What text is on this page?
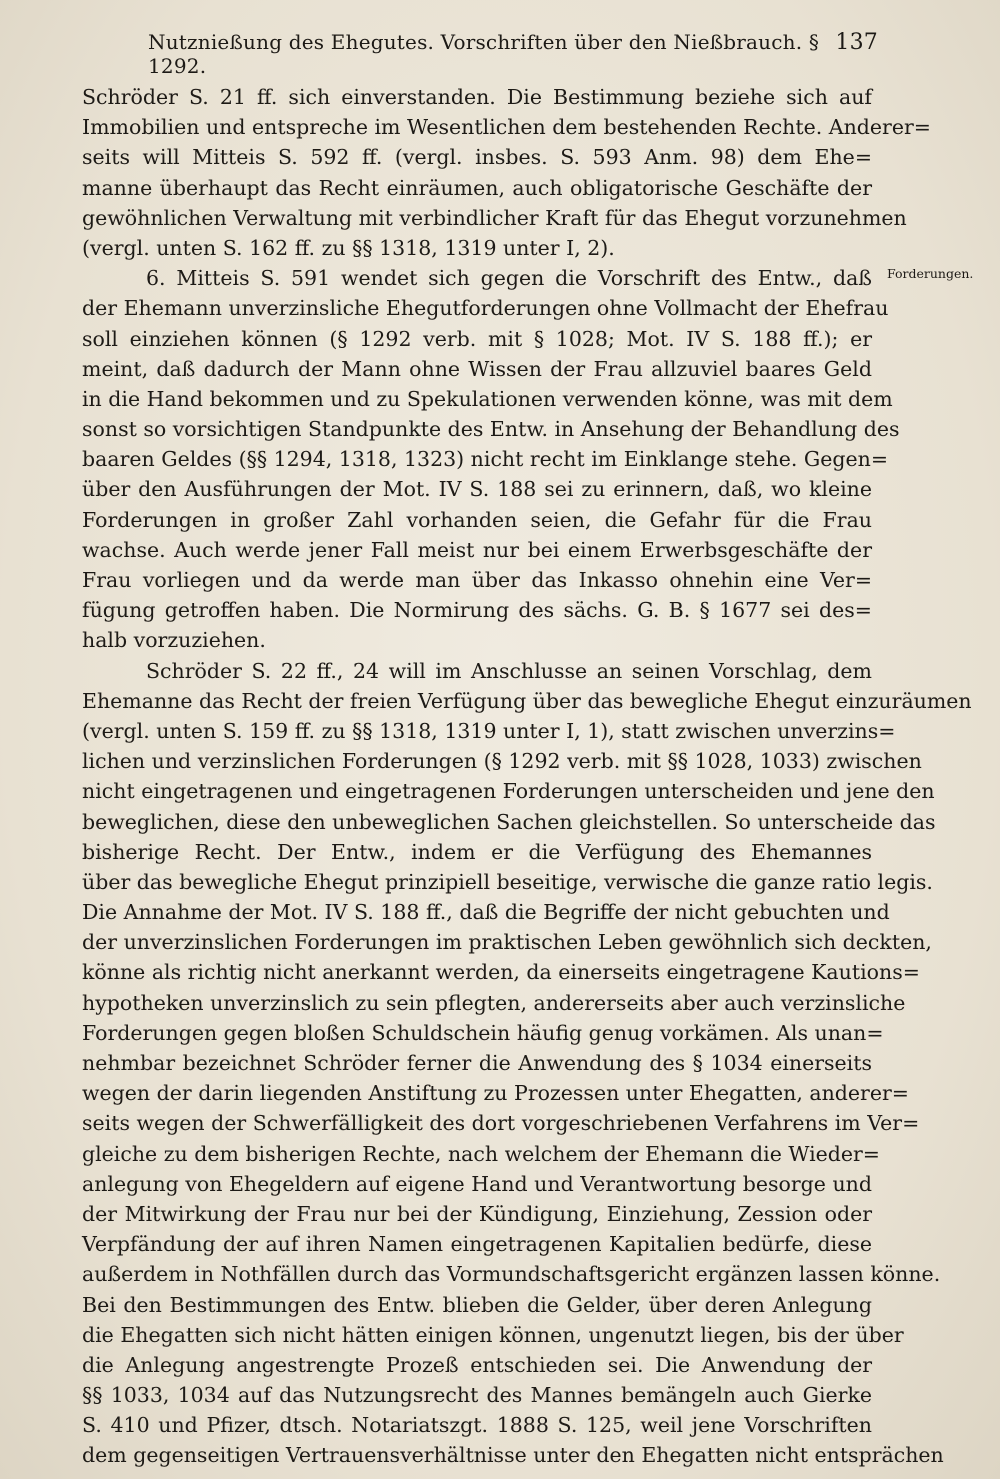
Nutznießung des Ehegutes. Vorschriften über den Nießbrauch. § 1292.
137
Forderungen.
Schröder S. 21 ff. sich einverstanden. Die Bestimmung beziehe sich auf
Immobilien und entspreche im Wesentlichen dem bestehenden Rechte. Anderer=
seits will Mitteis S. 592 ff. (vergl. insbes. S. 593 Anm. 98) dem Ehe=
manne überhaupt das Recht einräumen, auch obligatorische Geschäfte der
gewöhnlichen Verwaltung mit verbindlicher Kraft für das Ehegut vorzunehmen
(vergl. unten S. 162 ff. zu §§ 1318, 1319 unter I, 2).
6. Mitteis S. 591 wendet sich gegen die Vorschrift des Entw., daß
der Ehemann unverzinsliche Ehegutforderungen ohne Vollmacht der Ehefrau
soll einziehen können (§ 1292 verb. mit § 1028; Mot. IV S. 188 ff.); er
meint, daß dadurch der Mann ohne Wissen der Frau allzuviel baares Geld
in die Hand bekommen und zu Spekulationen verwenden könne, was mit dem
sonst so vorsichtigen Standpunkte des Entw. in Ansehung der Behandlung des
baaren Geldes (§§ 1294, 1318, 1323) nicht recht im Einklange stehe. Gegen=
über den Ausführungen der Mot. IV S. 188 sei zu erinnern, daß, wo kleine
Forderungen in großer Zahl vorhanden seien, die Gefahr für die Frau
wachse. Auch werde jener Fall meist nur bei einem Erwerbsgeschäfte der
Frau vorliegen und da werde man über das Inkasso ohnehin eine Ver=
fügung getroffen haben. Die Normirung des sächs. G. B. § 1677 sei des=
halb vorzuziehen.
Schröder S. 22 ff., 24 will im Anschlusse an seinen Vorschlag, dem
Ehemanne das Recht der freien Verfügung über das bewegliche Ehegut einzuräumen
(vergl. unten S. 159 ff. zu §§ 1318, 1319 unter I, 1), statt zwischen unverzins=
lichen und verzinslichen Forderungen (§ 1292 verb. mit §§ 1028, 1033) zwischen
nicht eingetragenen und eingetragenen Forderungen unterscheiden und jene den
beweglichen, diese den unbeweglichen Sachen gleichstellen. So unterscheide das
bisherige Recht. Der Entw., indem er die Verfügung des Ehemannes
über das bewegliche Ehegut prinzipiell beseitige, verwische die ganze ratio legis.
Die Annahme der Mot. IV S. 188 ff., daß die Begriffe der nicht gebuchten und
der unverzinslichen Forderungen im praktischen Leben gewöhnlich sich deckten,
könne als richtig nicht anerkannt werden, da einerseits eingetragene Kautions=
hypotheken unverzinslich zu sein pflegten, andererseits aber auch verzinsliche
Forderungen gegen bloßen Schuldschein häufig genug vorkämen. Als unan=
nehmbar bezeichnet Schröder ferner die Anwendung des § 1034 einerseits
wegen der darin liegenden Anstiftung zu Prozessen unter Ehegatten, anderer=
seits wegen der Schwerfälligkeit des dort vorgeschriebenen Verfahrens im Ver=
gleiche zu dem bisherigen Rechte, nach welchem der Ehemann die Wieder=
anlegung von Ehegeldern auf eigene Hand und Verantwortung besorge und
der Mitwirkung der Frau nur bei der Kündigung, Einziehung, Zession oder
Verpfändung der auf ihren Namen eingetragenen Kapitalien bedürfe, diese
außerdem in Nothfällen durch das Vormundschaftsgericht ergänzen lassen könne.
Bei den Bestimmungen des Entw. blieben die Gelder, über deren Anlegung
die Ehegatten sich nicht hätten einigen können, ungenutzt liegen, bis der über
die Anlegung angestrengte Prozeß entschieden sei. Die Anwendung der
§§ 1033, 1034 auf das Nutzungsrecht des Mannes bemängeln auch Gierke
S. 410 und Pfizer, dtsch. Notariatszgt. 1888 S. 125, weil jene Vorschriften
dem gegenseitigen Vertrauensverhältnisse unter den Ehegatten nicht entsprächen
